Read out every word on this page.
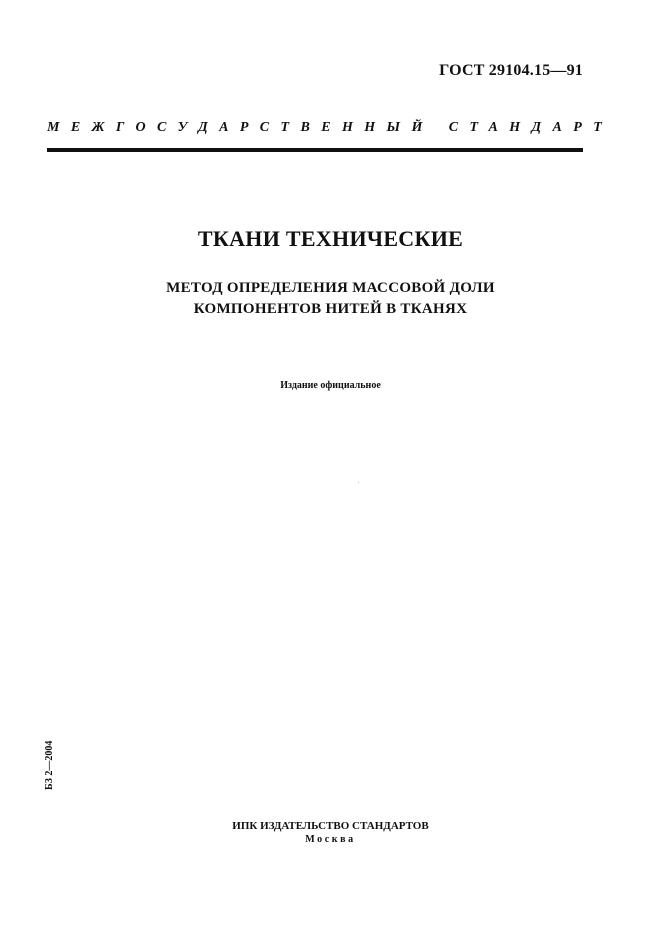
ГОСТ 29104.15—91
МЕЖГОСУДАРСТВЕННЫЙ СТАНДАРТ
ТКАНИ ТЕХНИЧЕСКИЕ
МЕТОД ОПРЕДЕЛЕНИЯ МАССОВОЙ ДОЛИ
КОМПОНЕНТОВ НИТЕЙ В ТКАНЯХ
Издание официальное
БЗ 2—2004
ИПК ИЗДАТЕЛЬСТВО СТАНДАРТОВ
Москва
